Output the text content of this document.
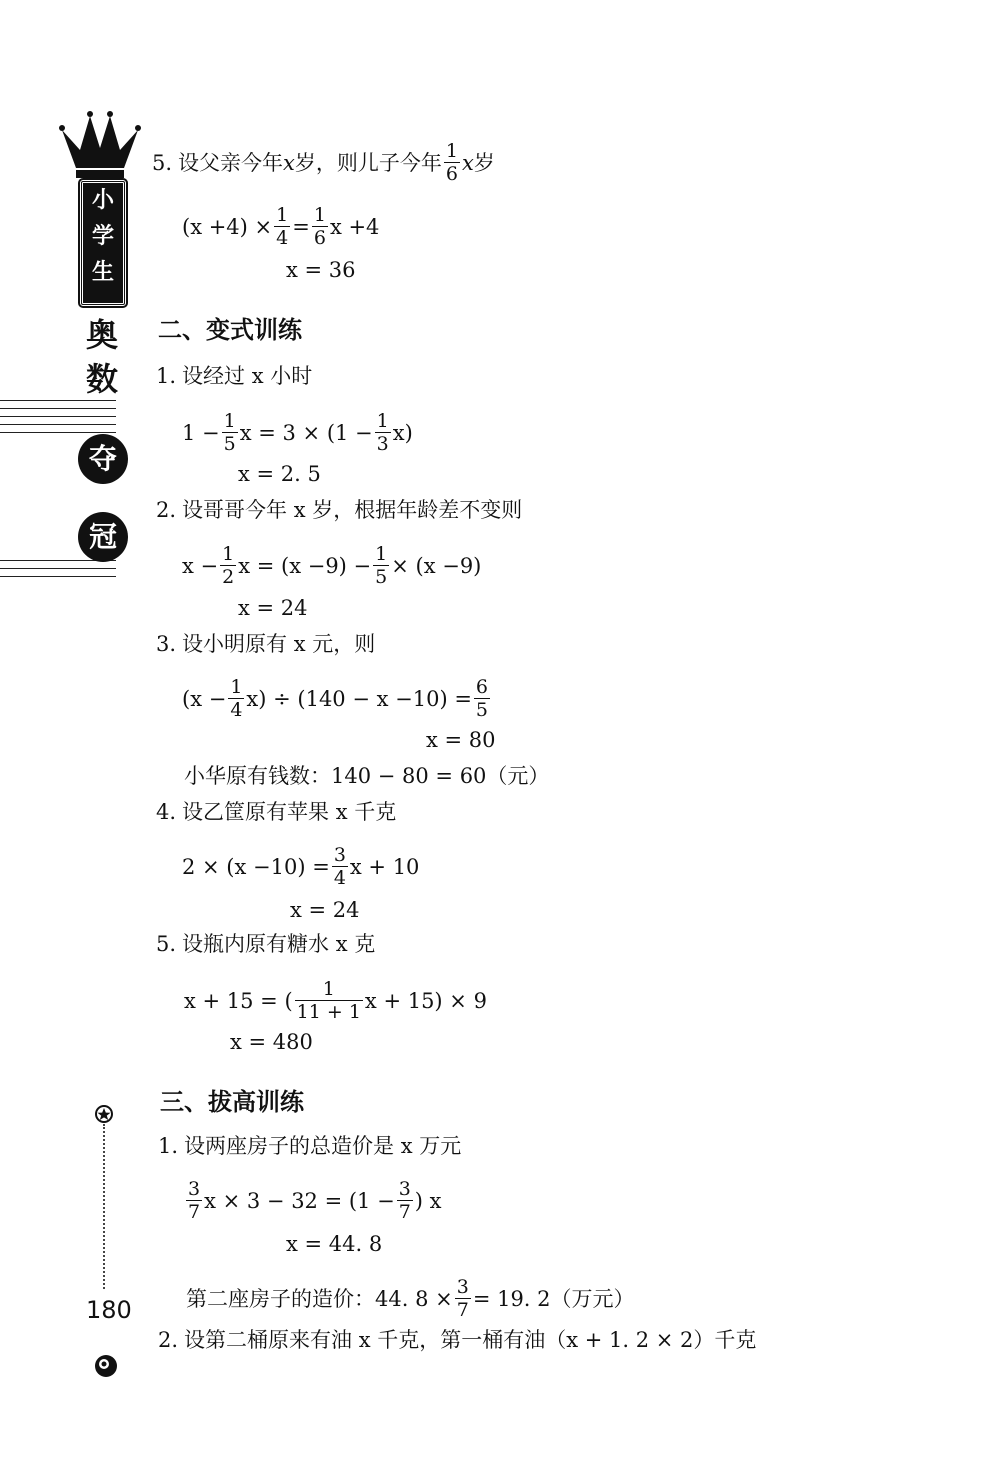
小
学
生
奥
数
夺
冠
180
5. 设父亲今年 x 岁，则儿子今年 $\frac{1}{6}$ x 岁
$(x +4) \times \frac{1}{4} = \frac{1}{6}$ x +4
x = 36
二、变式训练
1. 设经过 x 小时
$1 - \frac{1}{5}$ $x = 3 \times (1 - \frac{1}{3} x)$
x = 2. 5
2. 设哥哥今年 x 岁，根据年龄差不变则
$x - \frac{1}{2}$ $x = (x -9) - \frac{1}{5} \times (x -9)$
x = 24
3. 设小明原有 x 元，则
$(x - \frac{1}{4} x) \div (140 - x -10) = \frac{6}{5}$
x = 80
小华原有钱数：140 − 80 = 60（元）
4. 设乙筐原有苹果 x 千克
$2 \times (x -10) = \frac{3}{4}$ x + 10
x = 24
5. 设瓶内原有糖水 x 克
x + 15 = ( $\frac{1}{11 + 1}$ x + 15) × 9
x = 480
三、拔高训练
1. 设两座房子的总造价是 x 万元
$\frac{3}{7}$ $x \times 3 - 32 = (1 - \frac{3}{7}$ ) x
x = 44. 8
第二座房子的造价：44. $8 \times \frac{3}{7} = 19$. 2（万元）
2. 设第二桶原来有油 x 千克，第一桶有油（x + 1. 2 × 2）千克
